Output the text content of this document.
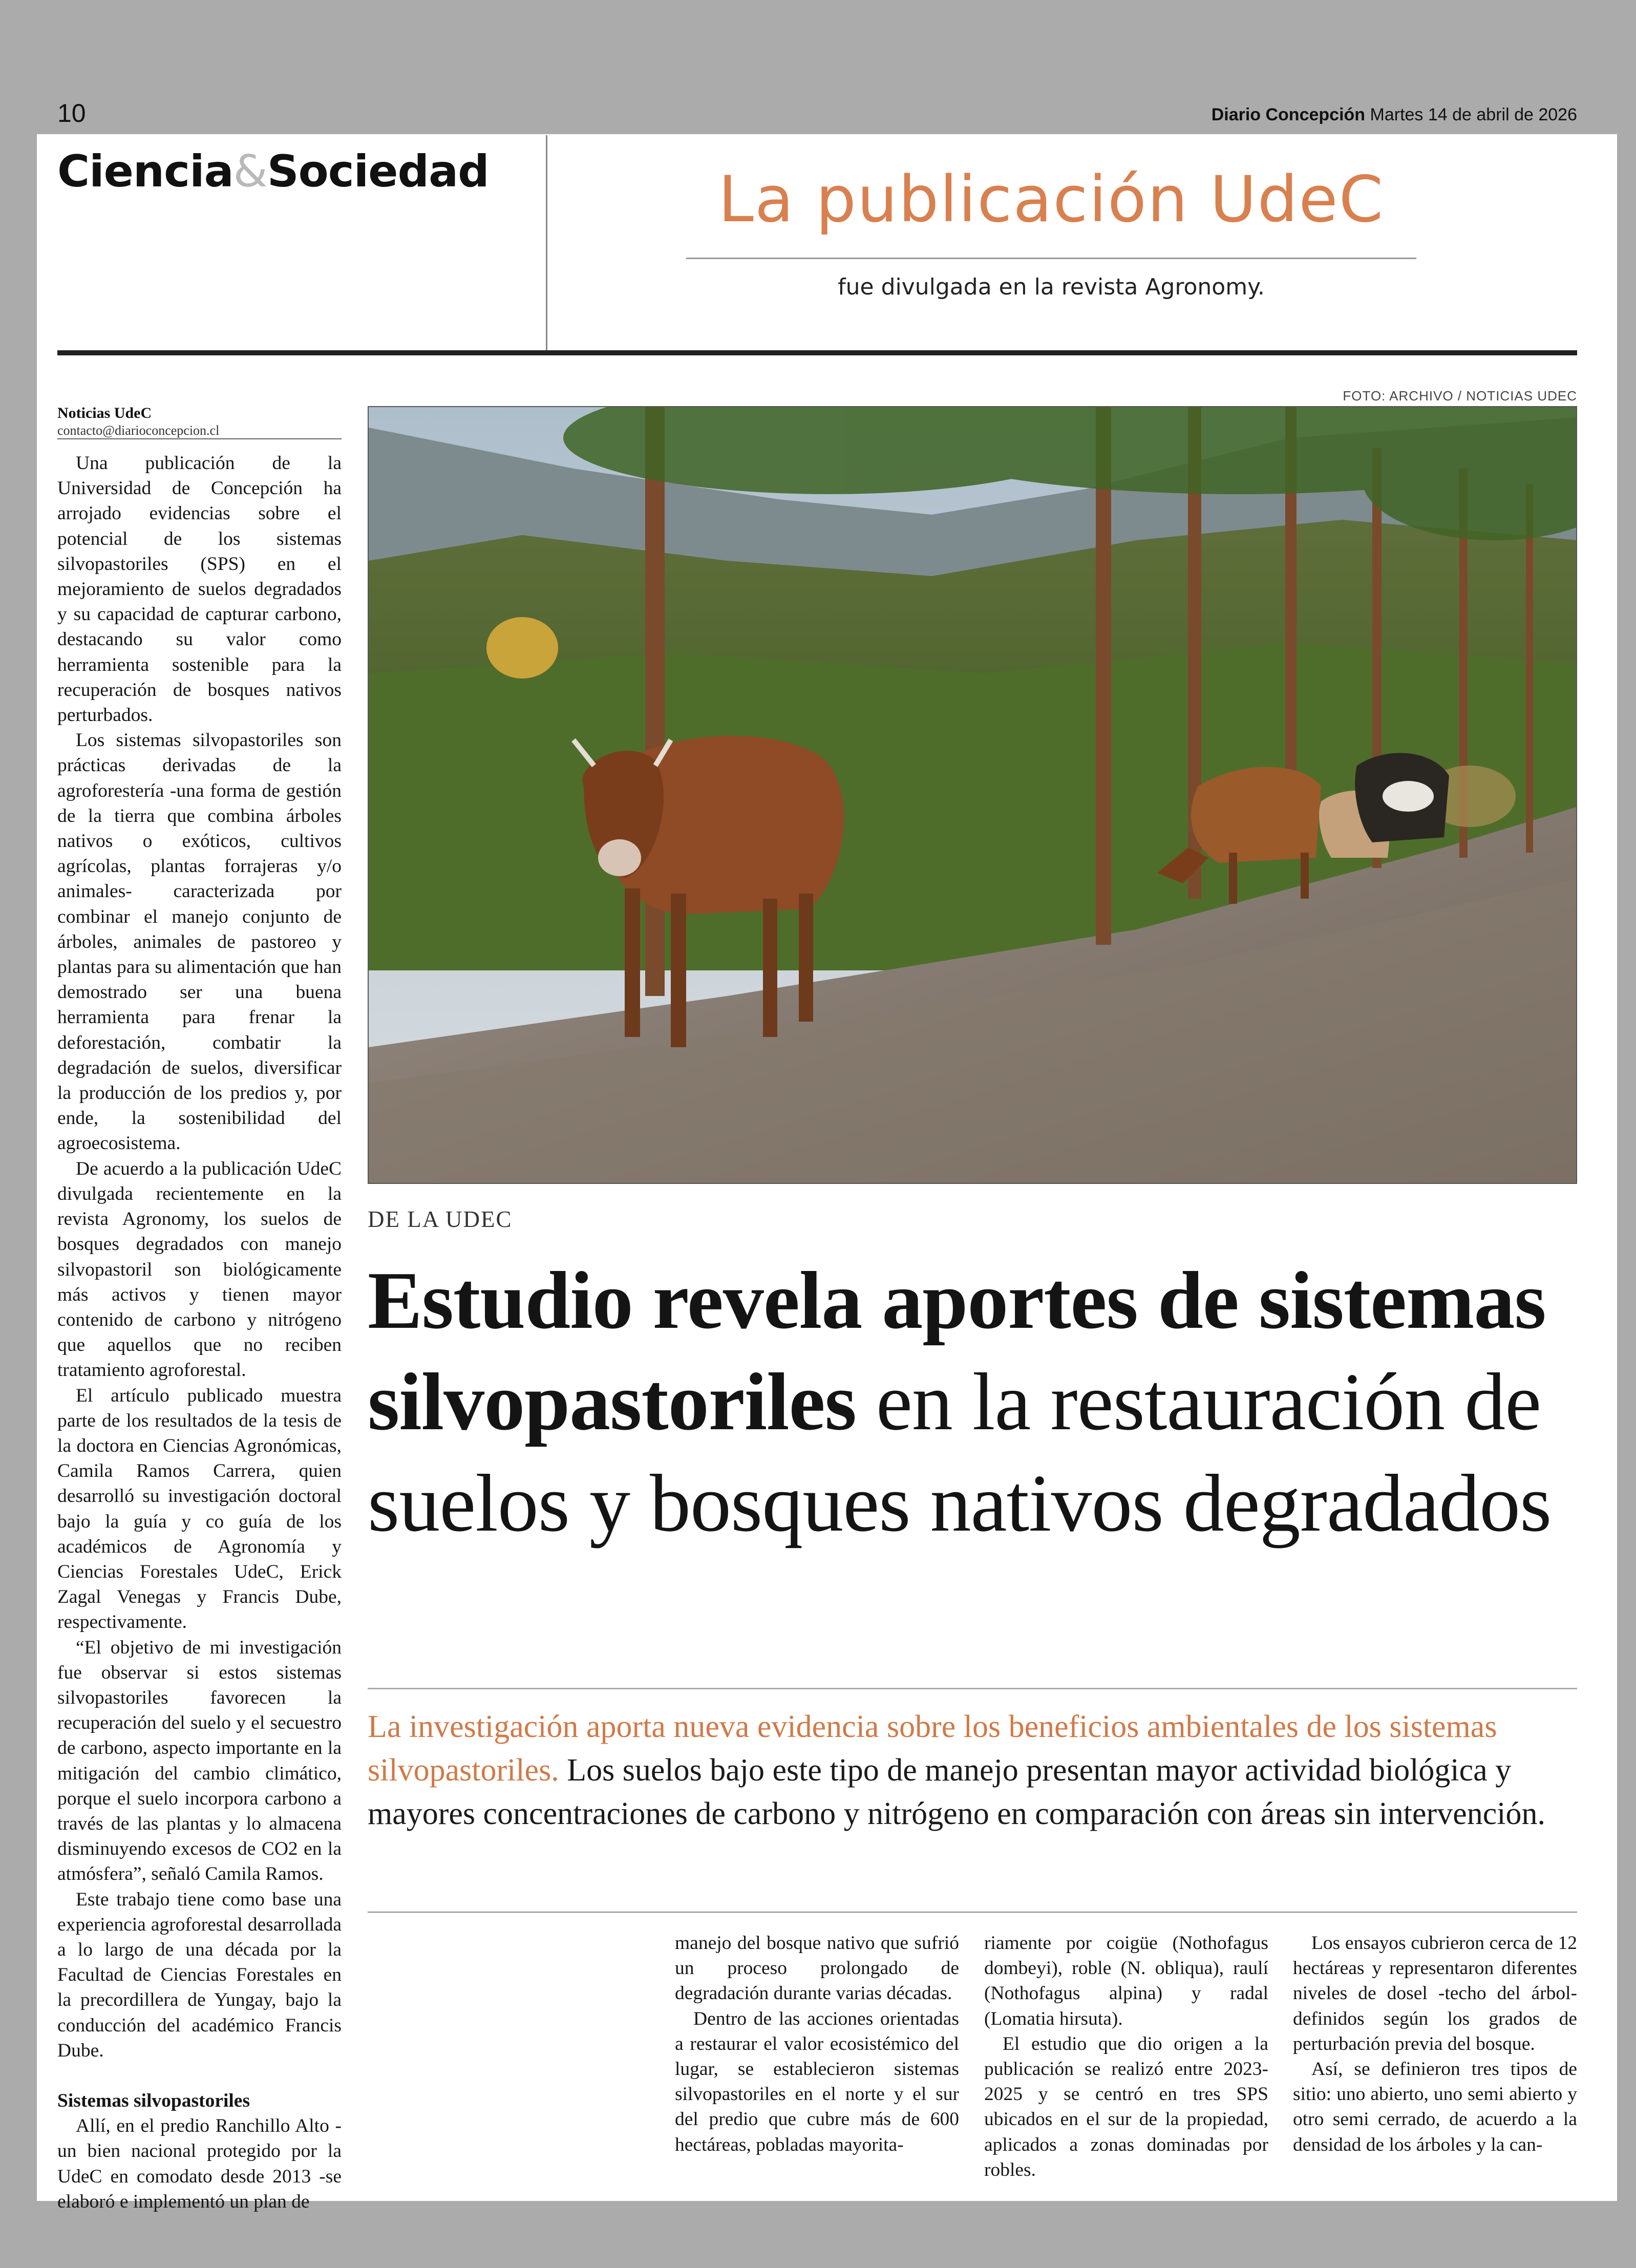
10	Diario Concepción Martes 14 de abril de 2026
Ciencia&Sociedad	La publicación UdeC
fue divulgada en la revista Agronomy.
Noticias UdeC
contacto@diarioconcepcion.cl

Una publicación de la Universidad de Concepción ha arrojado evidencias sobre el potencial de los sistemas silvopastoriles (SPS) en el mejoramiento de suelos degradados y su capacidad de capturar carbono, destacando su valor como herramienta sostenible para la recuperación de bosques nativos perturbados.

Los sistemas silvopastoriles son prácticas derivadas de la agroforestería -una forma de gestión de la tierra que combina árboles nativos o exóticos, cultivos agrícolas, plantas forrajeras y/o animales- caracterizada por combinar el manejo conjunto de árboles, animales de pastoreo y plantas para su alimentación que han demostrado ser una buena herramienta para frenar la deforestación, combatir la degradación de suelos, diversificar la producción de los predios y, por ende, la sostenibilidad del agroecosistema.

De acuerdo a la publicación UdeC divulgada recientemente en la revista Agronomy, los suelos de bosques degradados con manejo silvopastoril son biológicamente más activos y tienen mayor contenido de carbono y nitrógeno que aquellos que no reciben tratamiento agroforestal.

El artículo publicado muestra parte de los resultados de la tesis de la doctora en Ciencias Agronómicas, Camila Ramos Carrera, quien desarrolló su investigación doctoral bajo la guía y co guía de los académicos de Agronomía y Ciencias Forestales UdeC, Erick Zagal Venegas y Francis Dube, respectivamente.

“El objetivo de mi investigación fue observar si estos sistemas silvopastoriles favorecen la recuperación del suelo y el secuestro de carbono, aspecto importante en la mitigación del cambio climático, porque el suelo incorpora carbono a través de las plantas y lo almacena disminuyendo excesos de CO2 en la atmósfera”, señaló Camila Ramos.

Este trabajo tiene como base una experiencia agroforestal desarrollada a lo largo de una década por la Facultad de Ciencias Forestales en la precordillera de Yungay, bajo la conducción del académico Francis Dube.

Sistemas silvopastoriles

Allí, en el predio Ranchillo Alto -un bien nacional protegido por la UdeC en comodato desde 2013 -se elaboró e implementó un plan de

FOTO: ARCHIVO / NOTICIAS UDEC
DE LA UDEC
Estudio revela aportes de sistemas silvopastoriles en la restauración de suelos y bosques nativos degradados
La investigación aporta nueva evidencia sobre los beneficios ambientales de los sistemas silvopastoriles. Los suelos bajo este tipo de manejo presentan mayor actividad biológica y mayores concentraciones de carbono y nitrógeno en comparación con áreas sin intervención.

manejo del bosque nativo que sufrió un proceso prolongado de degradación durante varias décadas.

Dentro de las acciones orientadas a restaurar el valor ecosistémico del lugar, se establecieron sistemas silvopastoriles en el norte y el sur del predio que cubre más de 600 hectáreas, pobladas mayorita-

riamente por coigüe (Nothofagus dombeyi), roble (N. obliqua), raulí (Nothofagus alpina) y radal (Lomatia hirsuta).

El estudio que dio origen a la publicación se realizó entre 2023-2025 y se centró en tres SPS ubicados en el sur de la propiedad, aplicados a zonas dominadas por robles.

Los ensayos cubrieron cerca de 12 hectáreas y representaron diferentes niveles de dosel -techo del árbol- definidos según los grados de perturbación previa del bosque.

Así, se definieron tres tipos de sitio: uno abierto, uno semi abierto y otro semi cerrado, de acuerdo a la densidad de los árboles y la can-
